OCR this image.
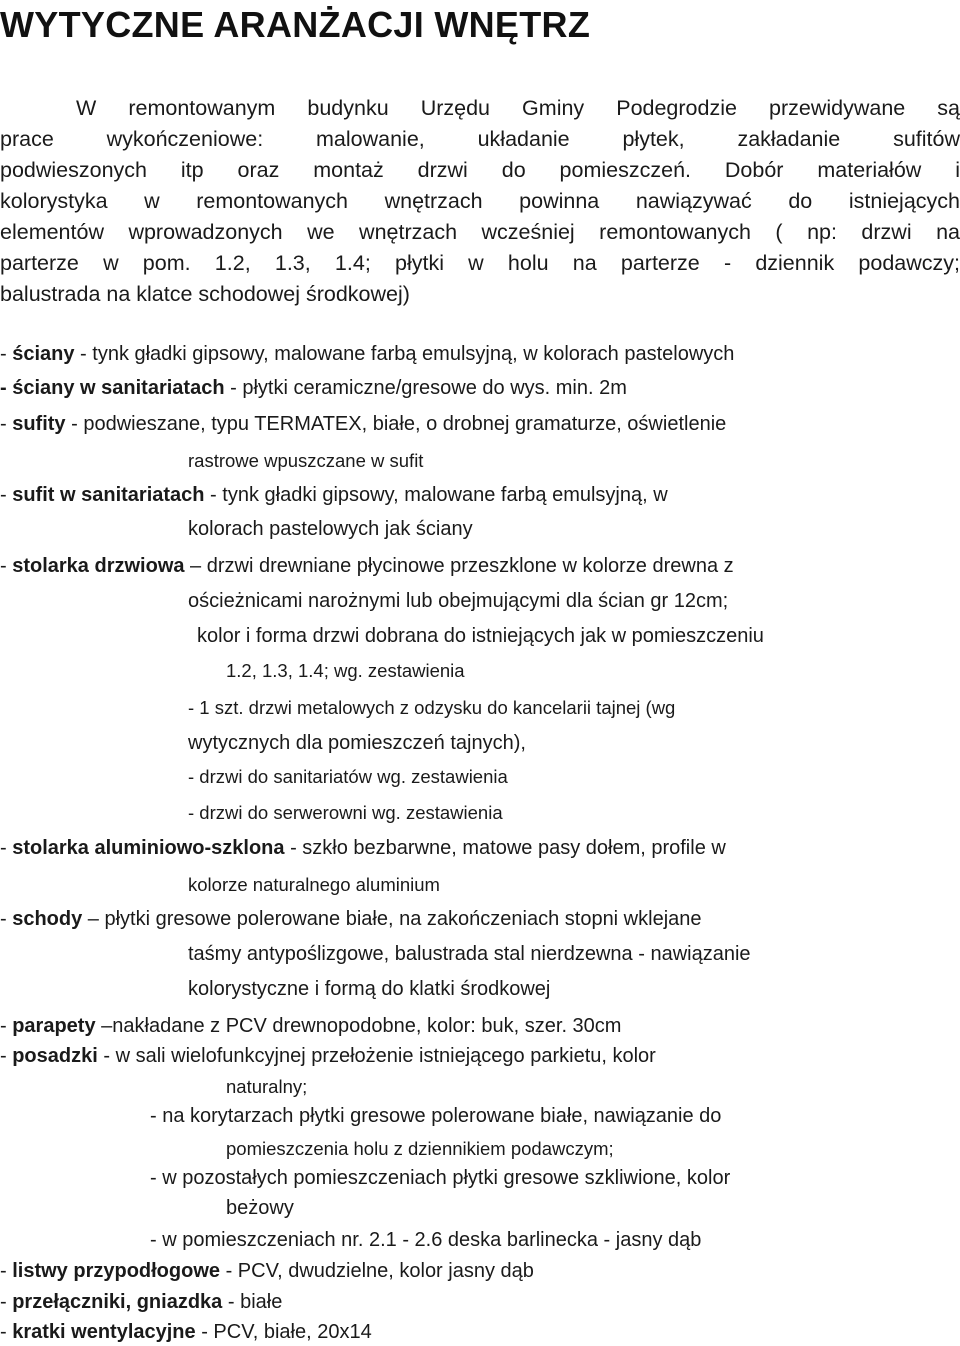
WYTYCZNE ARANŻACJI WNĘTRZ

W remontowanym budynku Urzędu Gminy Podegrodzie przewidywane są

prace wykończeniowe: malowanie, układanie płytek, zakładanie sufitów

podwieszonych itp oraz montaż drzwi do pomieszczeń. Dobór materiałów i

kolorystyka w remontowanych wnętrzach powinna nawiązywać do istniejących

elementów wprowadzonych we wnętrzach wcześniej remontowanych ( np: drzwi na

parterze w pom. 1.2, 1.3, 1.4; płytki w holu na parterze - dziennik podawczy;

balustrada na klatce schodowej środkowej)

- ściany - tynk gładki gipsowy, malowane farbą emulsyjną, w kolorach pastelowych

- ściany w sanitariatach - płytki ceramiczne/gresowe do wys. min. 2m

- sufity - podwieszane, typu TERMATEX, białe, o drobnej gramaturze, oświetlenie

rastrowe wpuszczane w sufit

- sufit w sanitariatach - tynk gładki gipsowy, malowane farbą emulsyjną, w

kolorach pastelowych jak ściany

- stolarka drzwiowa – drzwi drewniane płycinowe przeszklone w kolorze drewna z

ościeżnicami narożnymi lub obejmującymi dla ścian gr 12cm;

kolor i forma drzwi dobrana do istniejących jak w pomieszczeniu

1.2, 1.3, 1.4; wg. zestawienia

- 1 szt. drzwi metalowych z odzysku do kancelarii tajnej (wg

wytycznych dla pomieszczeń tajnych),

- drzwi do sanitariatów wg. zestawienia

- drzwi do serwerowni wg. zestawienia

- stolarka aluminiowo-szklona - szkło bezbarwne, matowe pasy dołem, profile w

kolorze naturalnego aluminium

- schody – płytki gresowe polerowane białe, na zakończeniach stopni wklejane

taśmy antypoślizgowe, balustrada stal nierdzewna - nawiązanie

kolorystyczne i formą do klatki środkowej

- parapety –nakładane z PCV drewnopodobne, kolor: buk, szer. 30cm

- posadzki - w sali wielofunkcyjnej przełożenie istniejącego parkietu, kolor

naturalny;

- na korytarzach płytki gresowe polerowane białe, nawiązanie do

pomieszczenia holu z dziennikiem podawczym;

- w pozostałych pomieszczeniach płytki gresowe szkliwione, kolor

beżowy

- w pomieszczeniach nr. 2.1 - 2.6 deska barlinecka - jasny dąb

- listwy przypodłogowe - PCV, dwudzielne, kolor jasny dąb

- przełączniki, gniazdka - białe

- kratki wentylacyjne - PCV, białe, 20x14
